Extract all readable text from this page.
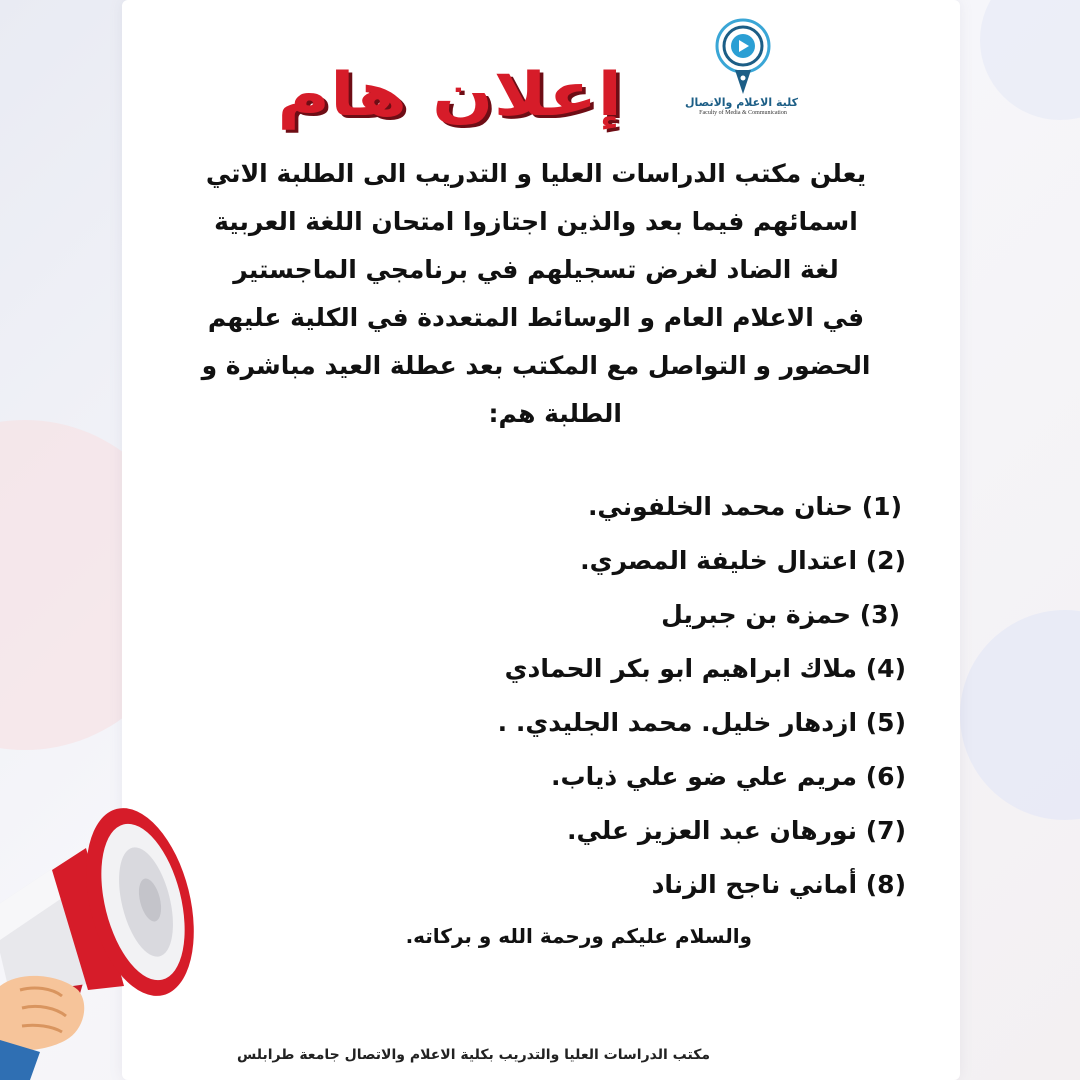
كلية الاعلام والاتصال
Faculty of Media & Communication
إعلان هام
يعلن مكتب الدراسات العليا و التدريب الى الطلبة الاتي
اسمائهم فيما بعد والذين اجتازوا امتحان اللغة العربية
لغة الضاد لغرض تسجيلهم في برنامجي الماجستير
في الاعلام العام و الوسائط المتعددة في الكلية عليهم
الحضور و التواصل مع المكتب بعد عطلة العيد مباشرة و
الطلبة هم:
(1) حنان محمد الخلفوني.
(2) اعتدال خليفة المصري.
(3) حمزة بن جبريل
(4) ملاك ابراهيم ابو بكر الحمادي
(5) ازدهار خليل. محمد الجليدي. .
(6) مريم علي ضو علي ذياب.
(7) نورهان عبد العزيز علي.
(8) أماني ناجح الزناد
والسلام عليكم ورحمة الله و بركاته.
مكتب الدراسات العليا والتدريب بكلية الاعلام والاتصال جامعة طرابلس
